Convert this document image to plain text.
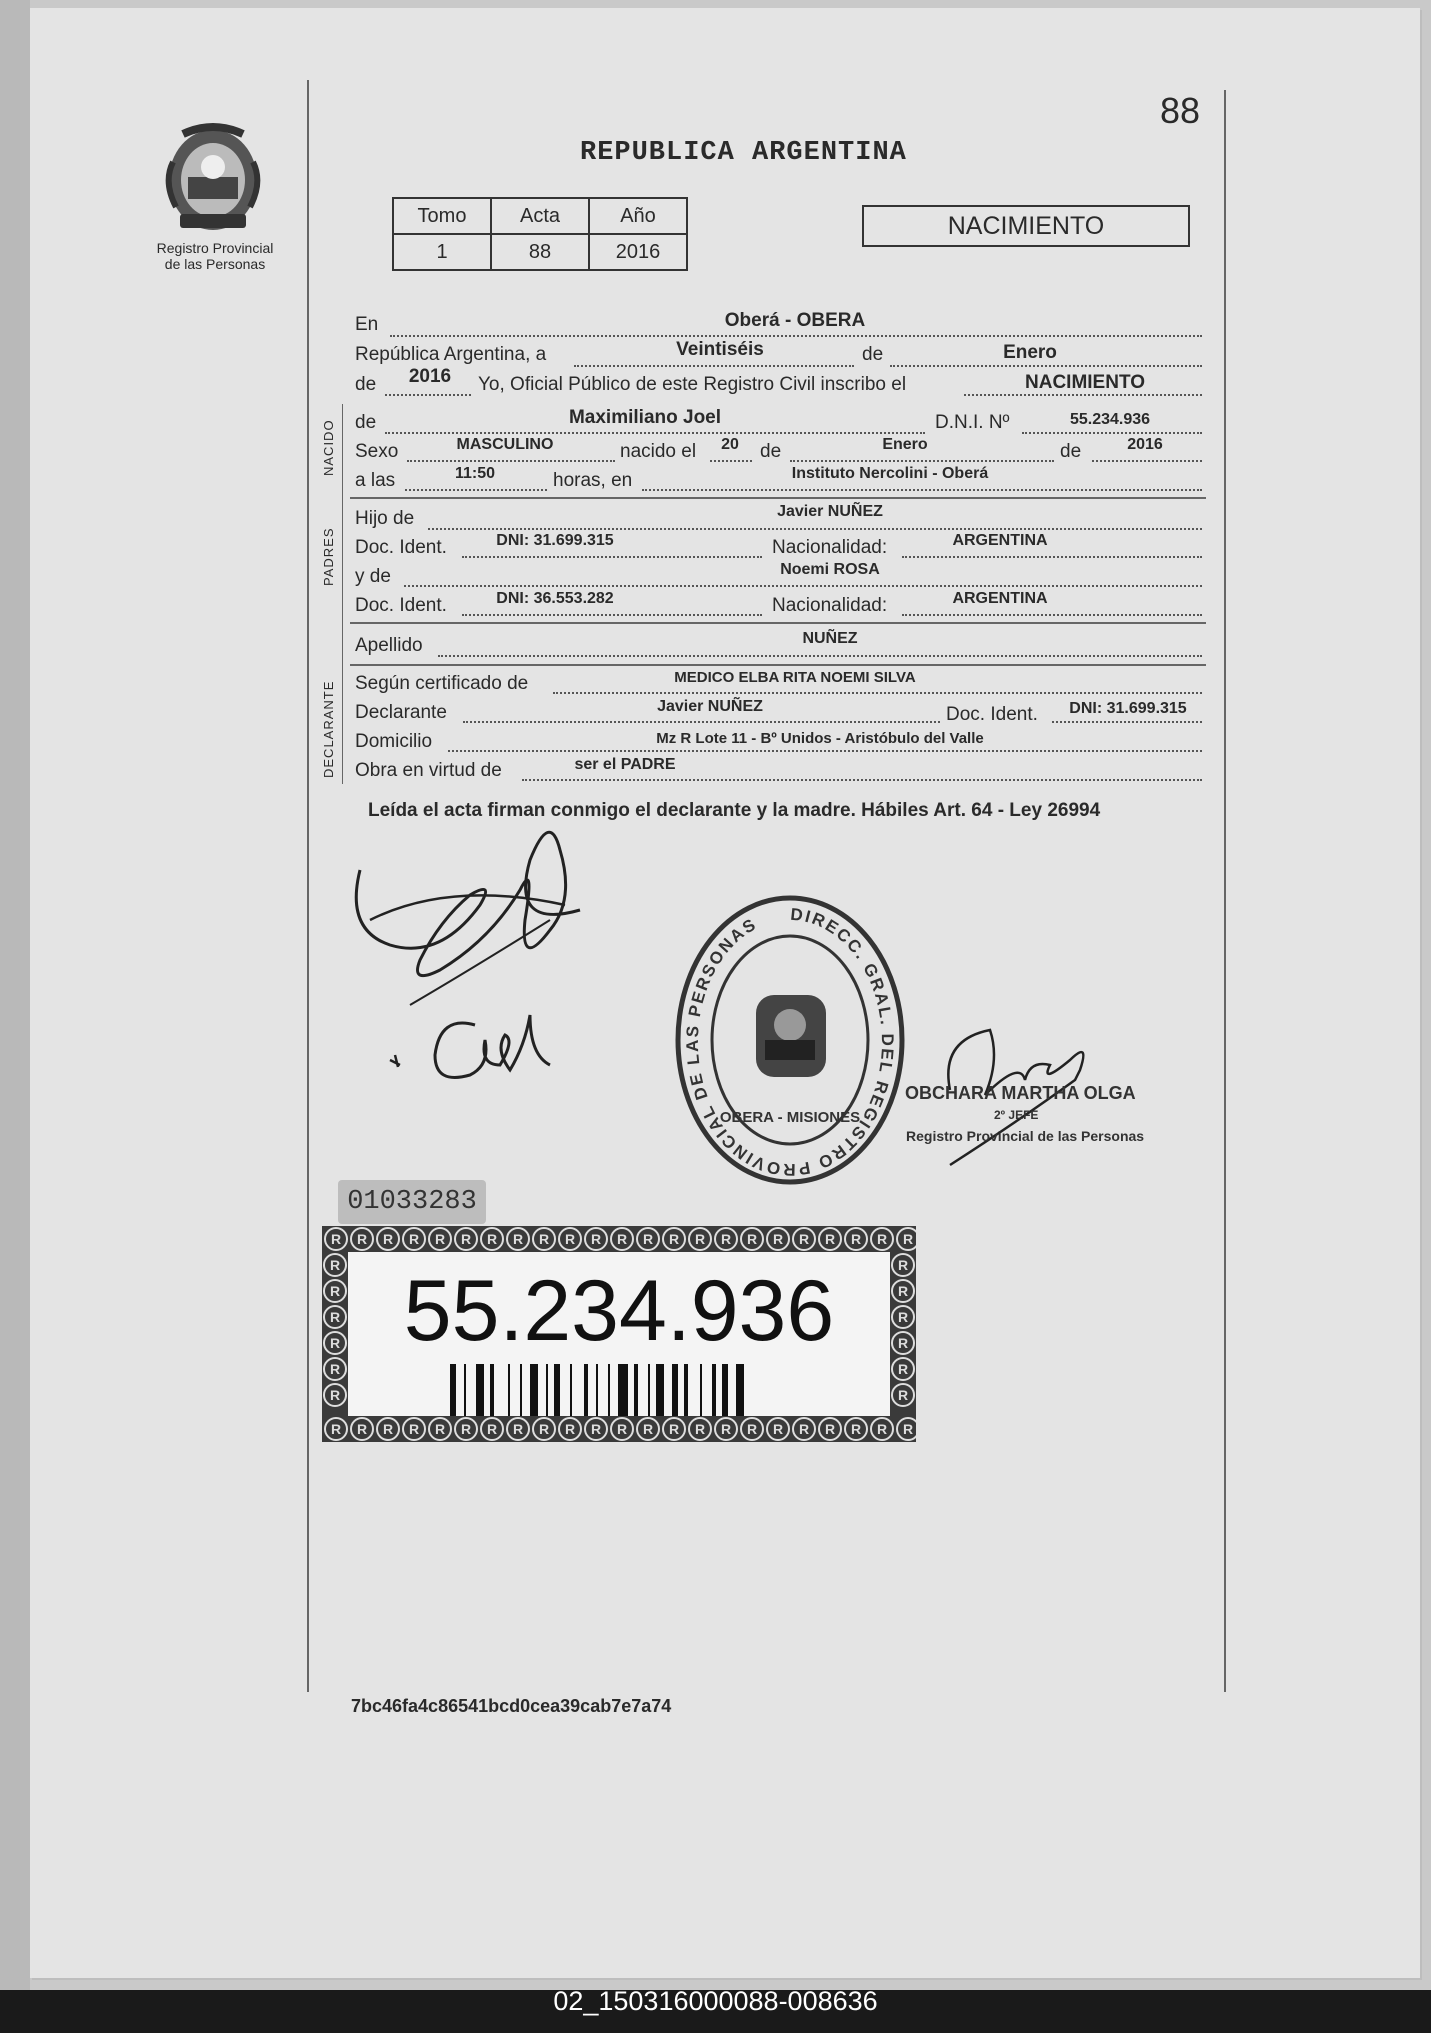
88
Registro Provincial
de las Personas
REPUBLICA ARGENTINA
Tomo	Acta	Año
1	88	2016
NACIMIENTO
En	Oberá - OBERA
República Argentina, a	Veintiséis	de	Enero
de	2016	Yo, Oficial Público de este Registro Civil inscribo el	NACIMIENTO
NACIDO de	Maximiliano Joel	D.N.I. Nº	55.234.936
Sexo	MASCULINO	nacido el	20	de	Enero	de	2016
a las	11:50	horas, en	Instituto Nercolini - Oberá
PADRES
Hijo de	Javier NUÑEZ
Doc. Ident.	DNI: 31.699.315	Nacionalidad:	ARGENTINA
y de	Noemi ROSA
Doc. Ident.	DNI: 36.553.282	Nacionalidad:	ARGENTINA
Apellido	NUÑEZ
DECLARANTE Según certificado de	MEDICO ELBA RITA NOEMI SILVA
Declarante	Javier NUÑEZ	Doc. Ident.	DNI: 31.699.315
Domicilio	Mz R Lote 11 - Bº Unidos - Aristóbulo del Valle
Obra en virtud de	ser el PADRE
Leída el acta firman conmigo el declarante y la madre. Hábiles Art. 64 - Ley 26994
DIRECC. GRAL. DEL REGISTRO PROVINCIAL DE LAS PERSONAS
OBERA - MISIONES
OBCHARA MARTHA OLGA
2º JEFE
Registro Provincial de las Personas
01033283
R
R
R
R
R
R
R
R
R
R
R
R
R
R
R
R
R
R
R
R
R
R
R
R
R
R
R
R
R
R
R
R
R
R
R
R
R
R
R
R
R
R
R
R
R
R
R	R
R	R
R	R
R	R
R	R
R	R
55.234.936
7bc46fa4c86541bcd0cea39cab7e7a74
02_150316000088-008636
